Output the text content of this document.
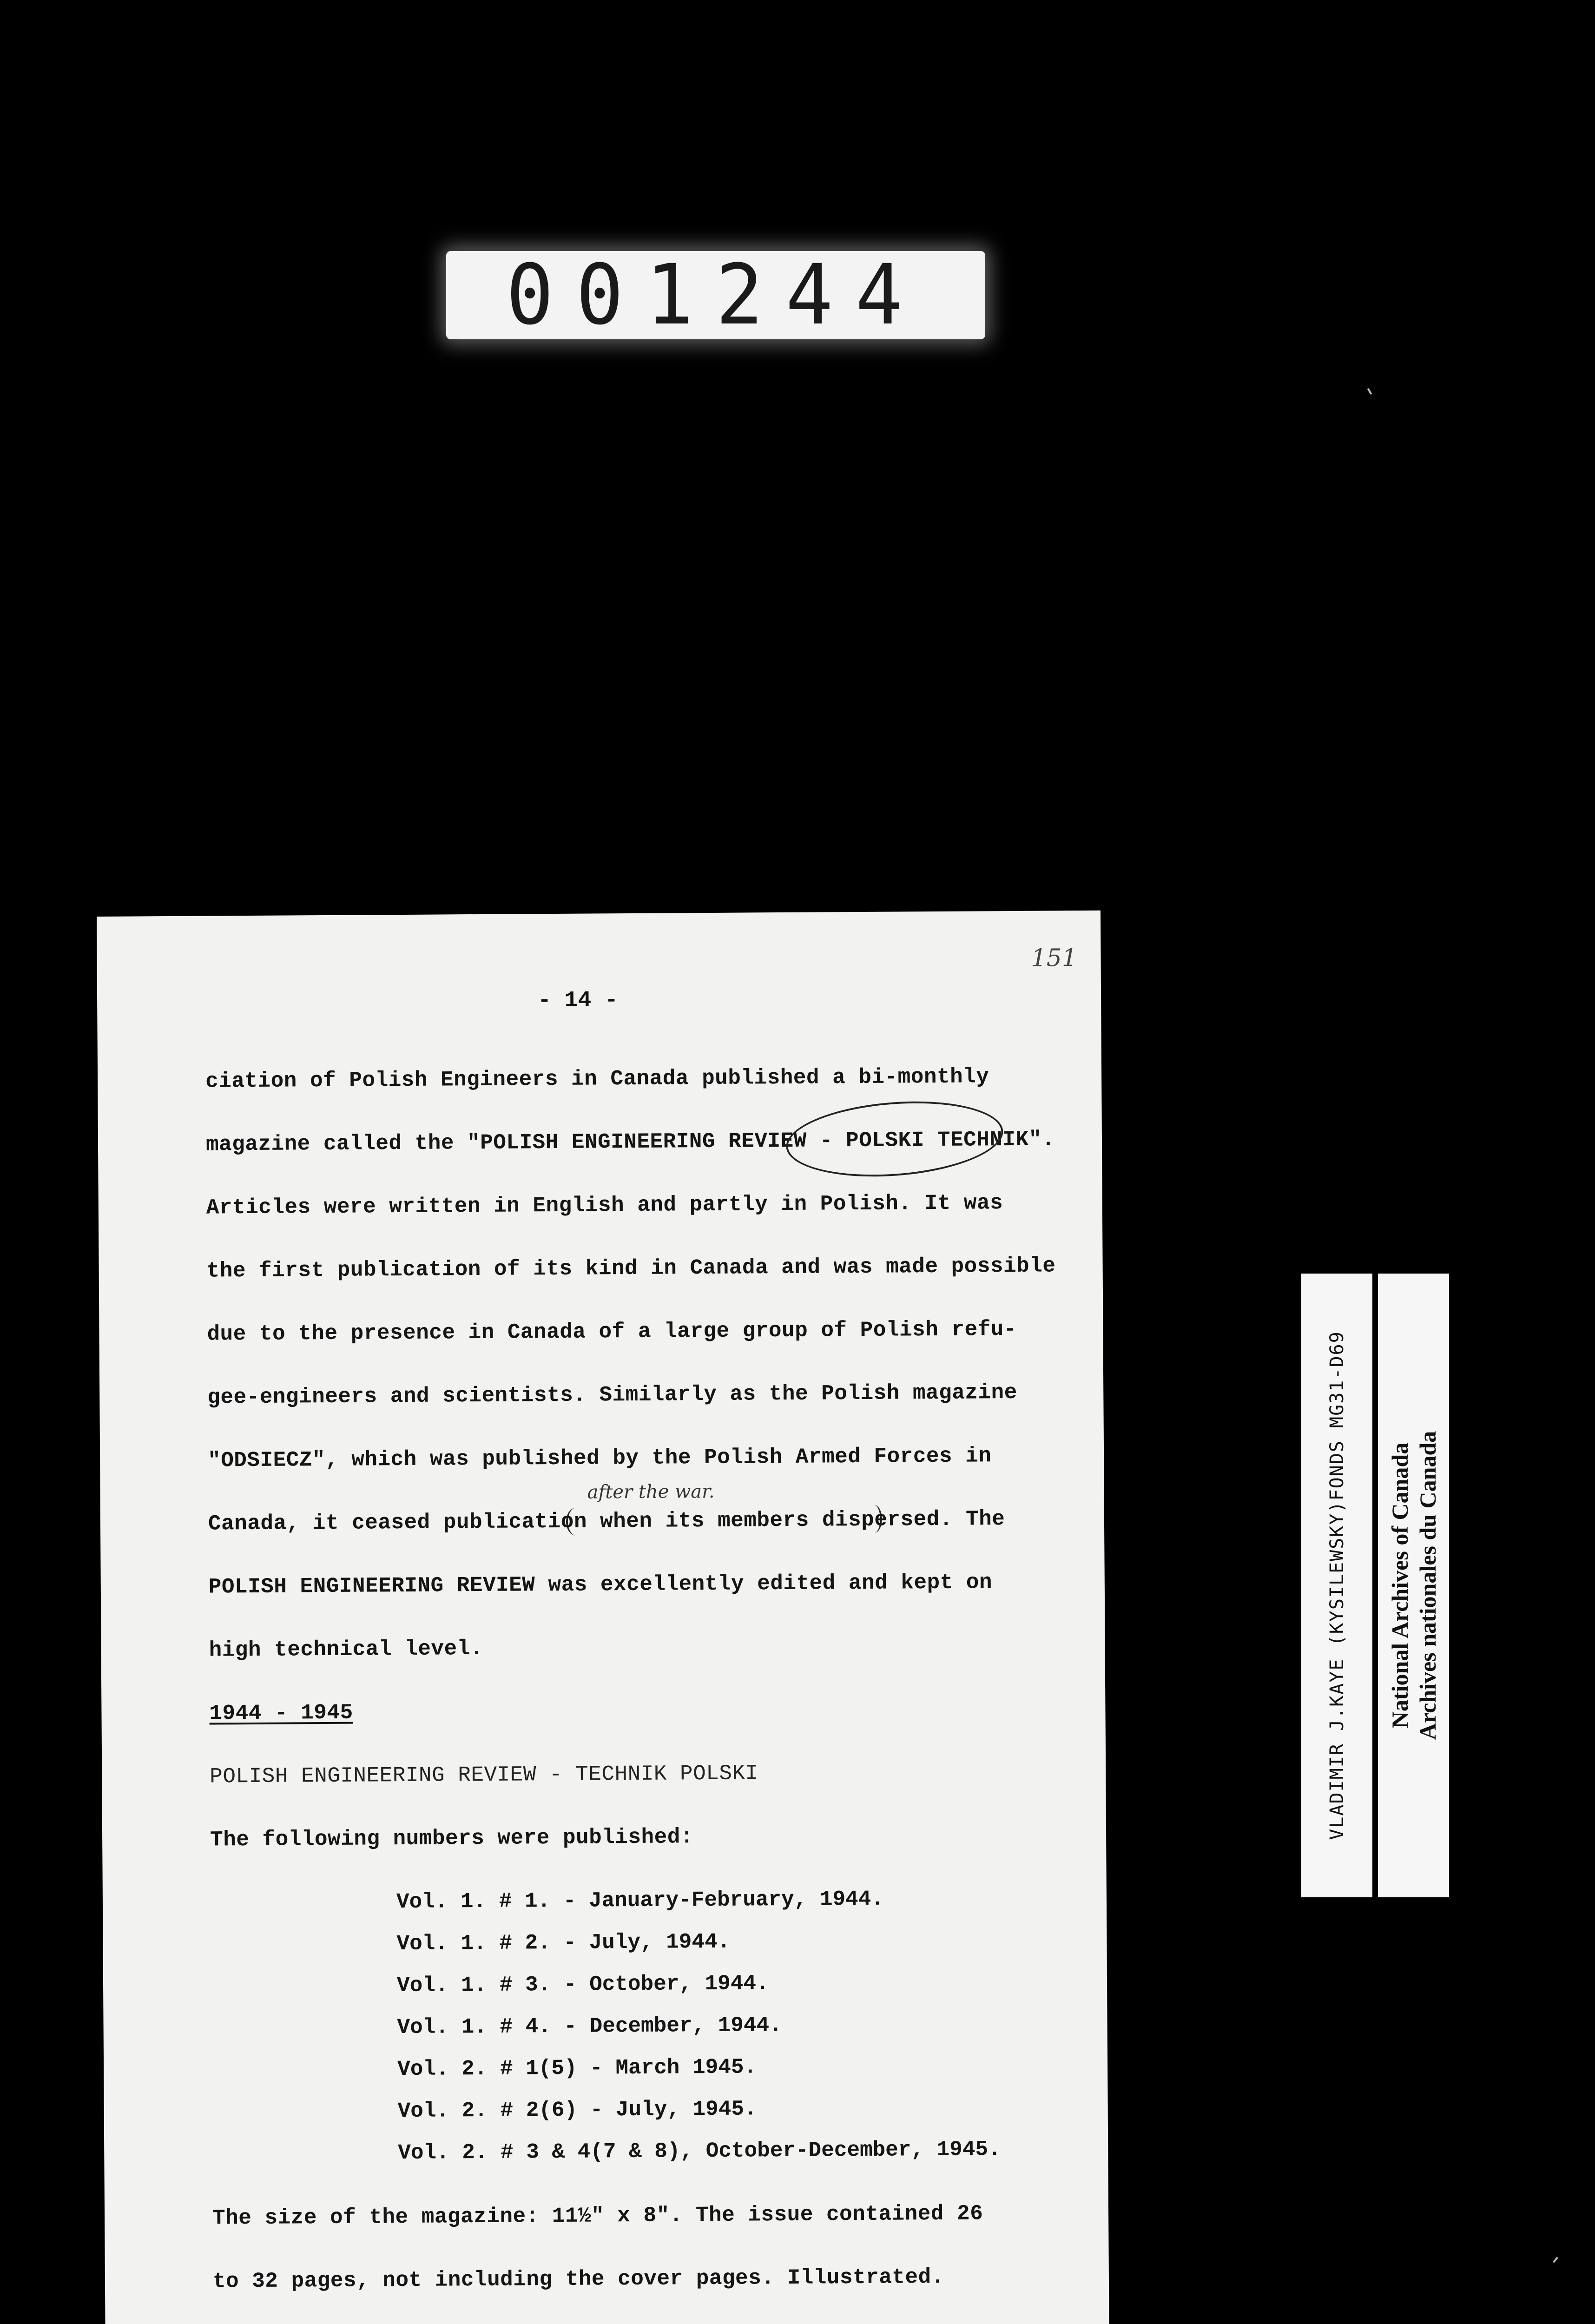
001244
151
- 14 -
ciation of Polish Engineers in Canada published a bi-monthly
magazine called the "POLISH ENGINEERING REVIEW - POLSKI TECHNIK".
Articles were written in English and partly in Polish. It was
the first publication of its kind in Canada and was made possible
due to the presence in Canada of a large group of Polish refu-
gee-engineers and scientists. Similarly as the Polish magazine
"ODSIECZ", which was published by the Polish Armed Forces in
after the war.
Canada, it ceased publication when its members dispersed. The
POLISH ENGINEERING REVIEW was excellently edited and kept on
high technical level.
1944 - 1945
POLISH ENGINEERING REVIEW - TECHNIK POLSKI
The following numbers were published:
Vol. 1. # 1. - January-February, 1944.
Vol. 1. # 2. - July, 1944.
Vol. 1. # 3. - October, 1944.
Vol. 1. # 4. - December, 1944.
Vol. 2. # 1(5) - March 1945.
Vol. 2. # 2(6) - July, 1945.
Vol. 2. # 3 & 4(7 & 8), October-December, 1945.
The size of the magazine: 11½" x 8". The issue contained 26
to 32 pages, not including the cover pages. Illustrated.
VLADIMIR J.KAYE (KYSILEWSKY)FONDS MG31-D69 National Archives of Canada Archives nationales du Canada
